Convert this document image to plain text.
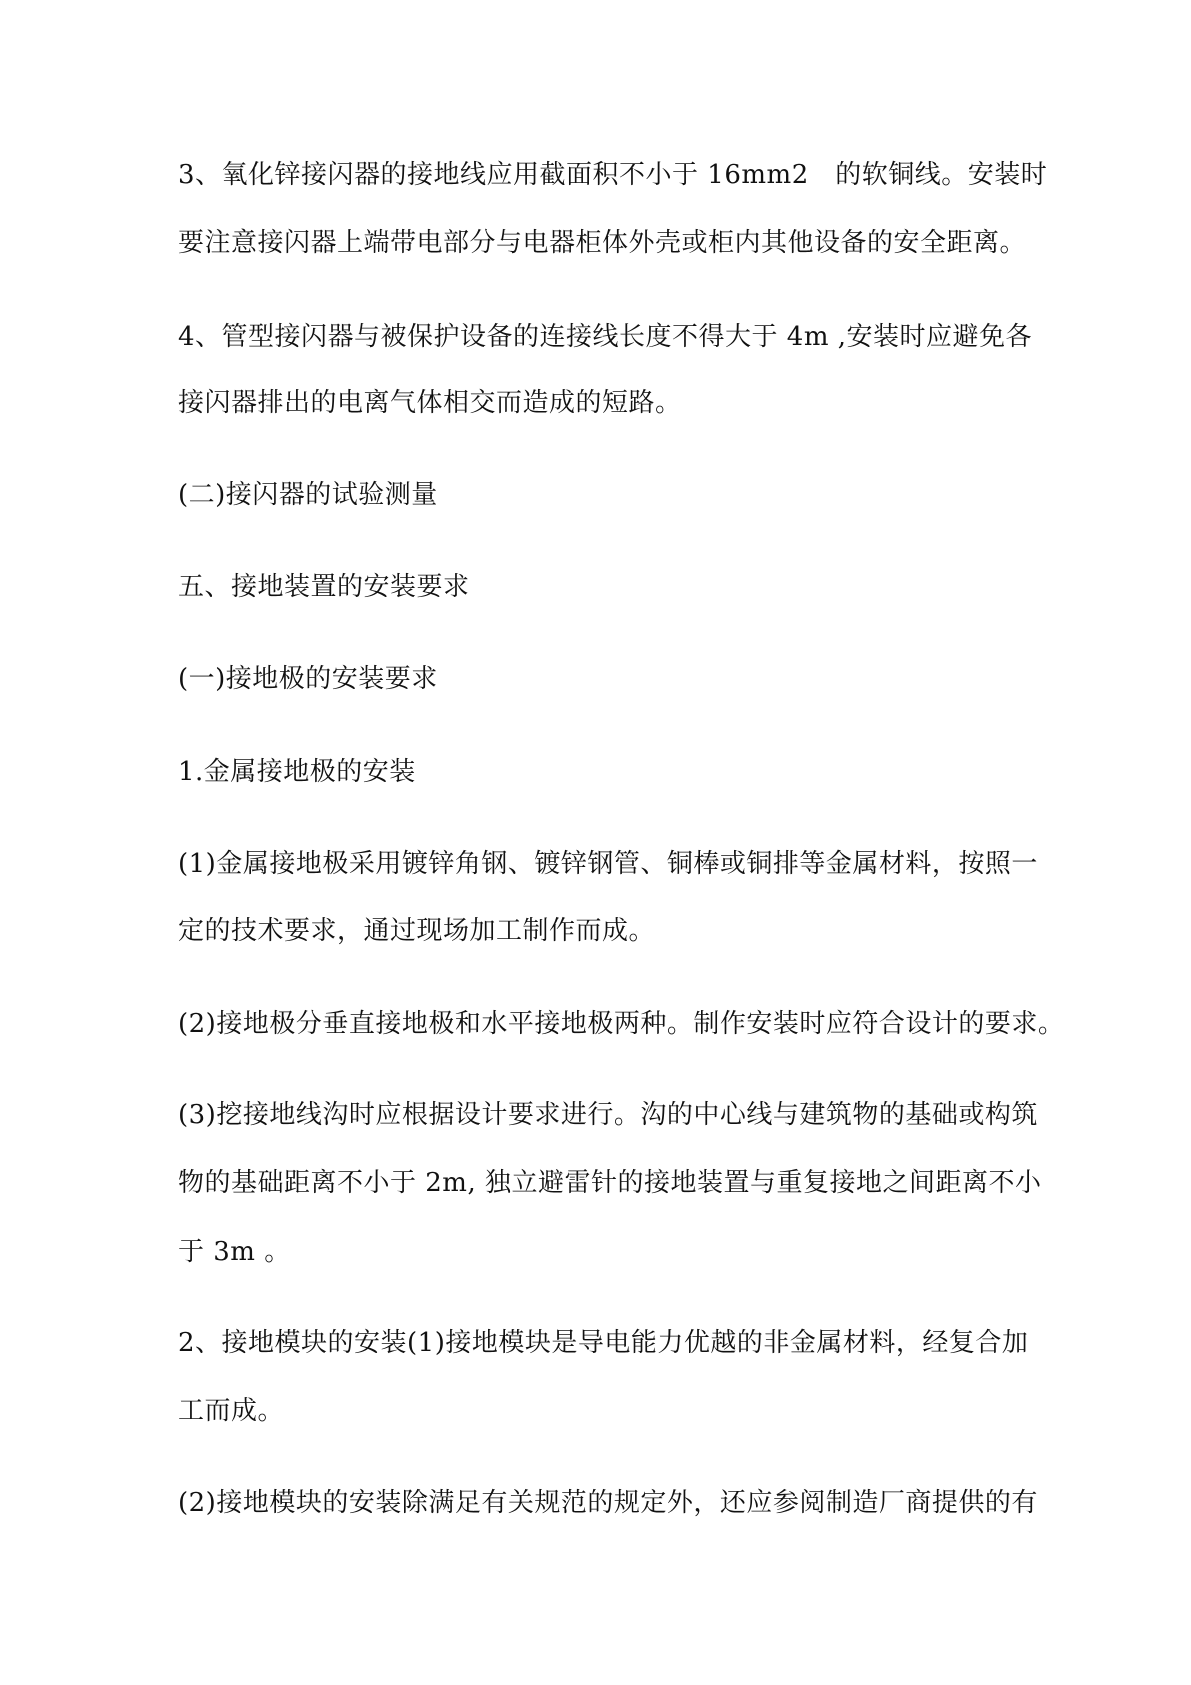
3、氧化锌接闪器的接地线应用截面积不小于 16mm2　的软铜线。安装时
要注意接闪器上端带电部分与电器柜体外壳或柜内其他设备的安全距离。
4、管型接闪器与被保护设备的连接线长度不得大于 4m ,安装时应避免各
接闪器排出的电离气体相交而造成的短路。
(二)接闪器的试验测量
五、接地装置的安装要求
(一)接地极的安装要求
1.金属接地极的安装
(1)金属接地极采用镀锌角钢、镀锌钢管、铜棒或铜排等金属材料，按照一
定的技术要求，通过现场加工制作而成。
(2)接地极分垂直接地极和水平接地极两种。制作安装时应符合设计的要求。
(3)挖接地线沟时应根据设计要求进行。沟的中心线与建筑物的基础或构筑
物的基础距离不小于 2m, 独立避雷针的接地装置与重复接地之间距离不小
于 3m 。
2、接地模块的安装(1)接地模块是导电能力优越的非金属材料，经复合加
工而成。
(2)接地模块的安装除满足有关规范的规定外，还应参阅制造厂商提供的有
